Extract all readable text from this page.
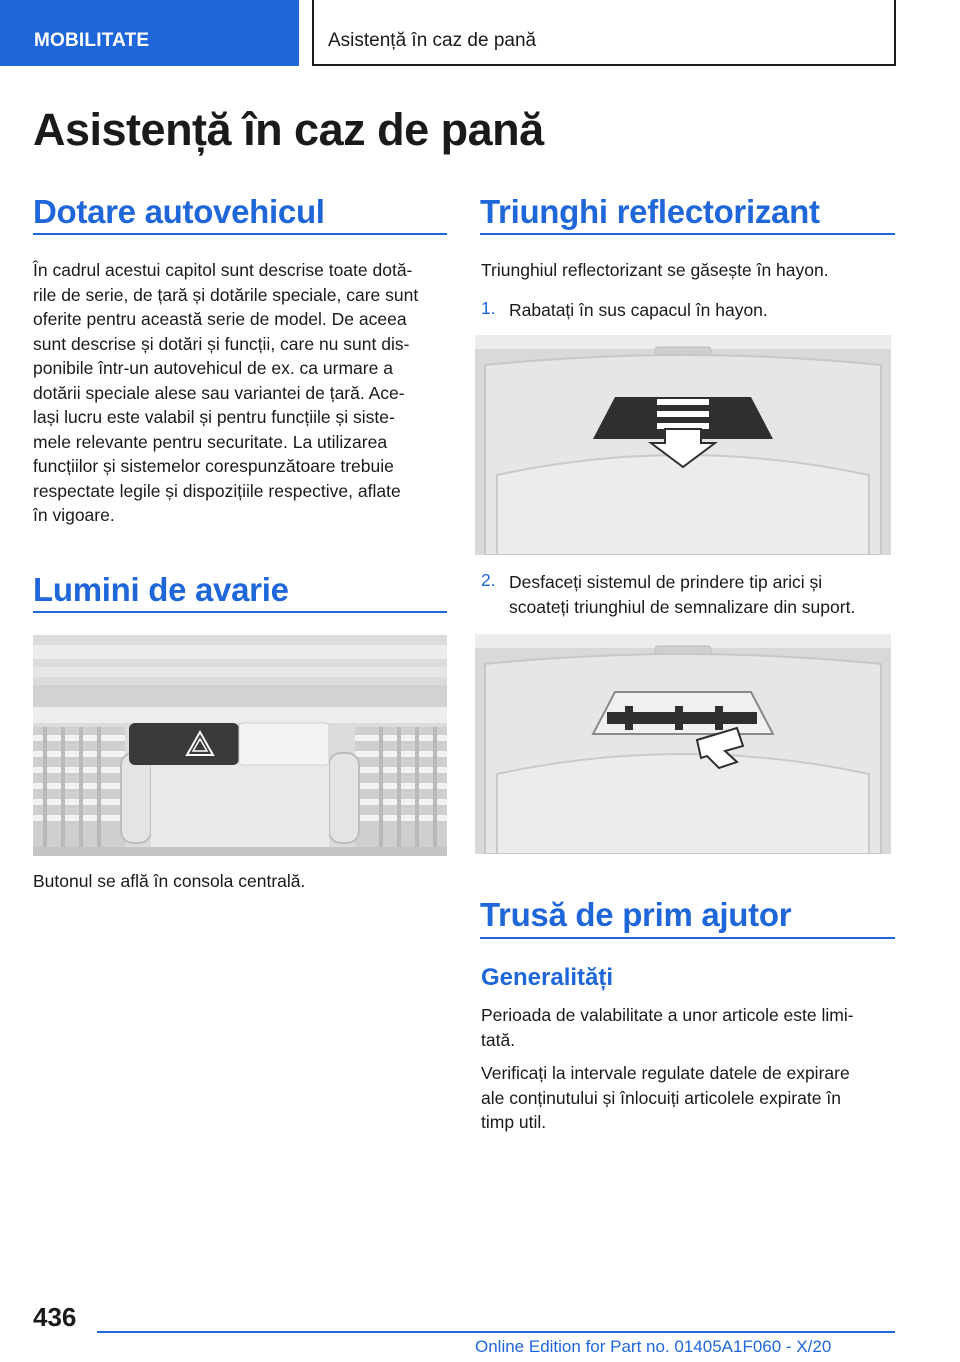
MOBILITATE	Asistență în caz de pană
Asistență în caz de pană
Dotare autovehicul
În cadrul acestui capitol sunt descrise toate dotă‐
rile de serie, de țară și dotările speciale, care sunt
oferite pentru această serie de model. De aceea
sunt descrise și dotări și funcții, care nu sunt dis‐
ponibile într‑un autovehicul de ex. ca urmare a
dotării speciale alese sau variantei de țară. Ace‐
lași lucru este valabil și pentru funcțiile și siste‐
mele relevante pentru securitate. La utilizarea
funcțiilor și sistemelor corespunzătoare trebuie
respectate legile și dispozițiile respective, aflate
în vigoare.
Lumini de avarie
Butonul se află în consola centrală.
Triunghi reflectorizant
Triunghiul reflectorizant se găsește în hayon.
1. Rabatați în sus capacul în hayon.
2. Desfaceți sistemul de prindere tip arici și
scoateți triunghiul de semnalizare din suport.
Trusă de prim ajutor
Generalități
Perioada de valabilitate a unor articole este limi‐
tată.
Verificați la intervale regulate datele de expirare
ale conținutului și înlocuiți articolele expirate în
timp util.
436
Online Edition for Part no. 01405A1F060 - X/20
